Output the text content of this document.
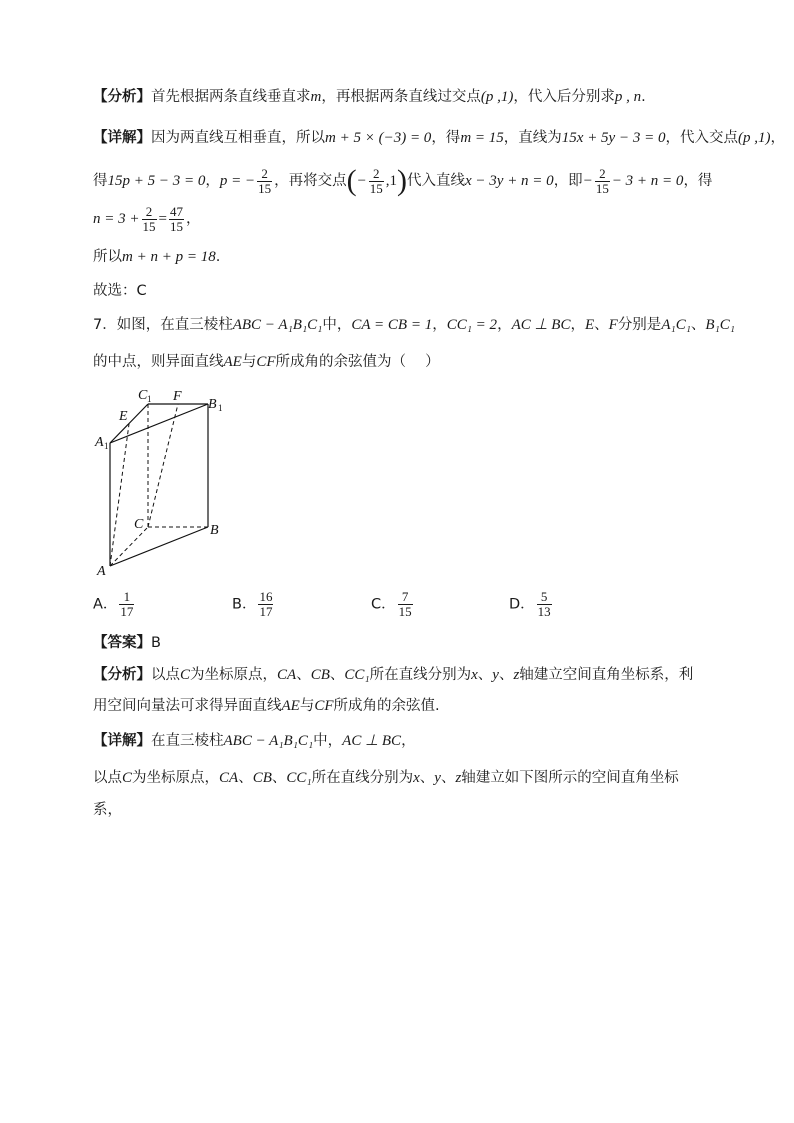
【分析】首先根据两条直线垂直求m，再根据两条直线过交点(p ,1)，代入后分别求p , n.
【详解】因为两直线互相垂直，所以m + 5 × (−3) = 0，得m = 15，直线为15x + 5y − 3 = 0，代入交点(p ,1)，
得15p + 5 − 3 = 0，p = − $\frac{2}{15}$ ，再将交点(− $\frac{2}{15} ,1$)代入直线x − 3y + n = 0，即− $\frac{2}{15} - 3 + n = 0$，得
$n = 3 + \frac{2}{15} = \frac{47}{15}$ ，
所以m + n + p = 18.
故选：C
7．如图，在直三棱柱ABC − A₁B₁C₁中，CA = CB = 1，CC₁ = 2，AC ⊥ BC，E、F分别是A₁C₁、B₁C₁
的中点，则异面直线AE与CF所成角的余弦值为（　 ）
C 1 F
B 1
E
A 1
C	B
A
A． $\frac{1}{17}$	B． $\frac{16}{17}$	C． $\frac{7}{15}$	D． $\frac{5}{13}$
【答案】B
【分析】以点C为坐标原点，CA、CB、CC₁所在直线分别为x、y、z轴建立空间直角坐标系，利
用空间向量法可求得异面直线AE与CF所成角的余弦值.
【详解】在直三棱柱ABC − A₁B₁C₁中，AC ⊥ BC，
以点C为坐标原点，CA、CB、CC₁所在直线分别为x、y、z轴建立如下图所示的空间直角坐标
系，
